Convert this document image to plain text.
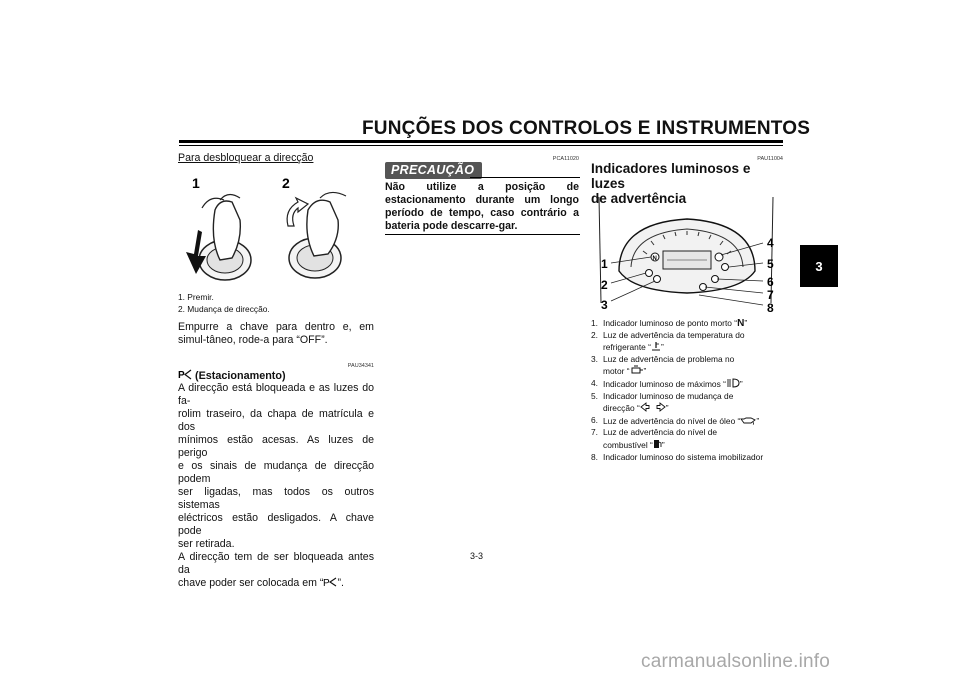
FUNÇÕES DOS CONTROLOS E INSTRUMENTOS
3
Para desbloquear a direcção
1	2
1. Premir.
2. Mudança de direcção.
Empurre a chave para dentro e, em simul-tâneo, rode-a para “OFF”.
PAU34341
P (Estacionamento)
A direcção está bloqueada e as luzes do fa-
rolim traseiro, da chapa de matrícula e dos
mínimos estão acesas. As luzes de perigo
e os sinais de mudança de direcção podem
ser ligadas, mas todos os outros sistemas
eléctricos estão desligados. A chave pode
ser retirada.
A direcção tem de ser bloqueada antes da
chave poder ser colocada em “ P ”.
PCA11020
PRECAUÇÃO
Não utilize a posição de estacionamento durante um longo período de tempo, caso contrário a bateria pode descarre-gar.
PAU11004
Indicadores luminosos e luzes
de advertência
N
1
2
3
4
5
6
7
8
1. Indicador luminoso de ponto morto “N”
2. Luz de advertência da temperatura do
refrigerante “ ”
3. Luz de advertência de problema no
motor “ ”
4. Indicador luminoso de máximos “ ”
5. Indicador luminoso de mudança de
direcção “	”
6. Luz de advertência do nível de óleo “ ”
7. Luz de advertência do nível de
combustível “ ”
8. Indicador luminoso do sistema imobilizador
3-3
carmanualsonline.info
